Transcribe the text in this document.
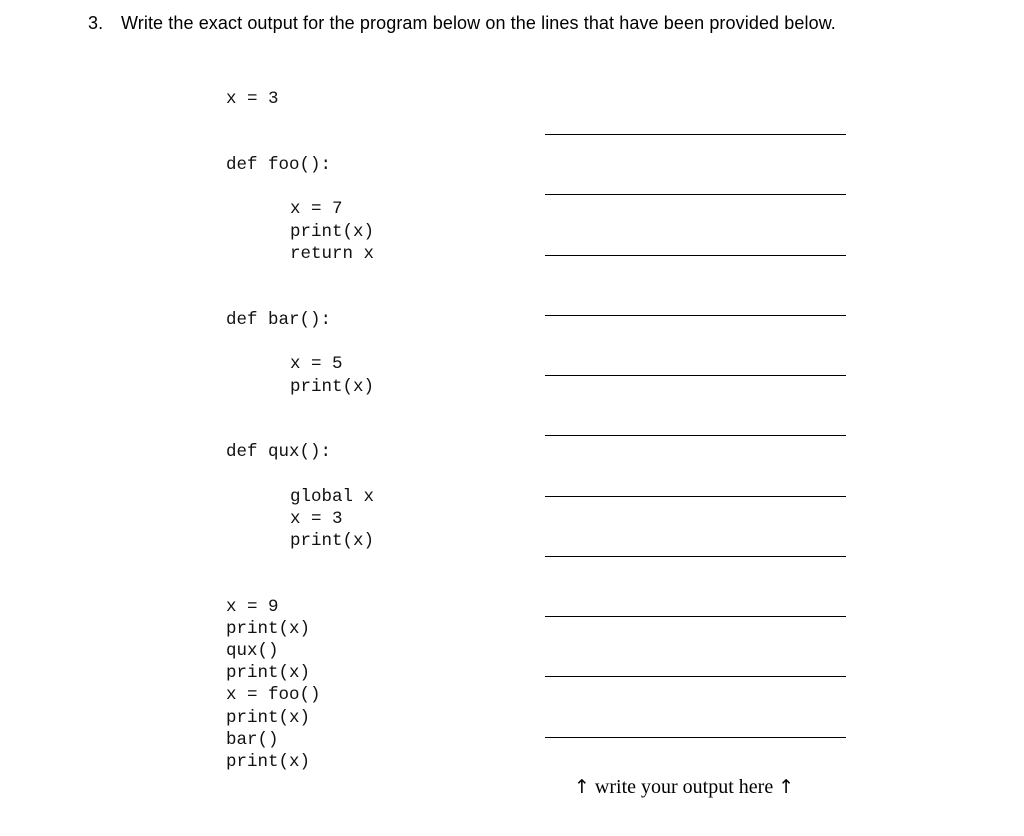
3. Write the exact output for the program below on the lines that have been provided below.
x = 3
def foo():
x = 7
print(x)
return x
def bar():
x = 5
print(x)
def qux():
global x
x = 3
print(x)
x = 9
print(x)
qux()
print(x)
x = foo()
print(x)
bar()
print(x)
↑ write your output here ↑
